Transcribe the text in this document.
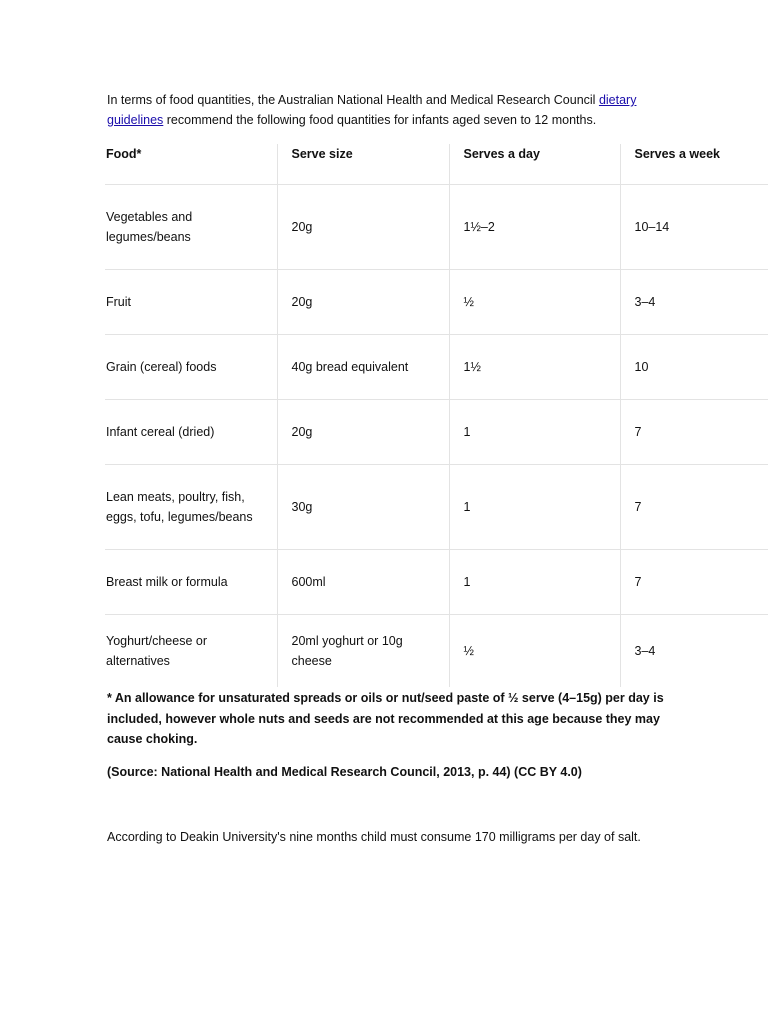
In terms of food quantities, the Australian National Health and Medical Research Council dietary guidelines recommend the following food quantities for infants aged seven to 12 months.

Food*	Serve size	Serves a day	Serves a week
Vegetables and legumes/beans	20g	1½–2	10–14
Fruit	20g	½	3–4
Grain (cereal) foods	40g bread equivalent	1½	10
Infant cereal (dried)	20g	1	7
Lean meats, poultry, fish, eggs, tofu, legumes/beans	30g	1	7
Breast milk or formula	600ml	1	7
Yoghurt/cheese or alternatives	20ml yoghurt or 10g cheese	½	3–4

* An allowance for unsaturated spreads or oils or nut/seed paste of ½ serve (4–15g) per day is included, however whole nuts and seeds are not recommended at this age because they may cause choking.

(Source: National Health and Medical Research Council, 2013, p. 44) (CC BY 4.0)

According to Deakin University's nine months child must consume 170 milligrams per day of salt.
